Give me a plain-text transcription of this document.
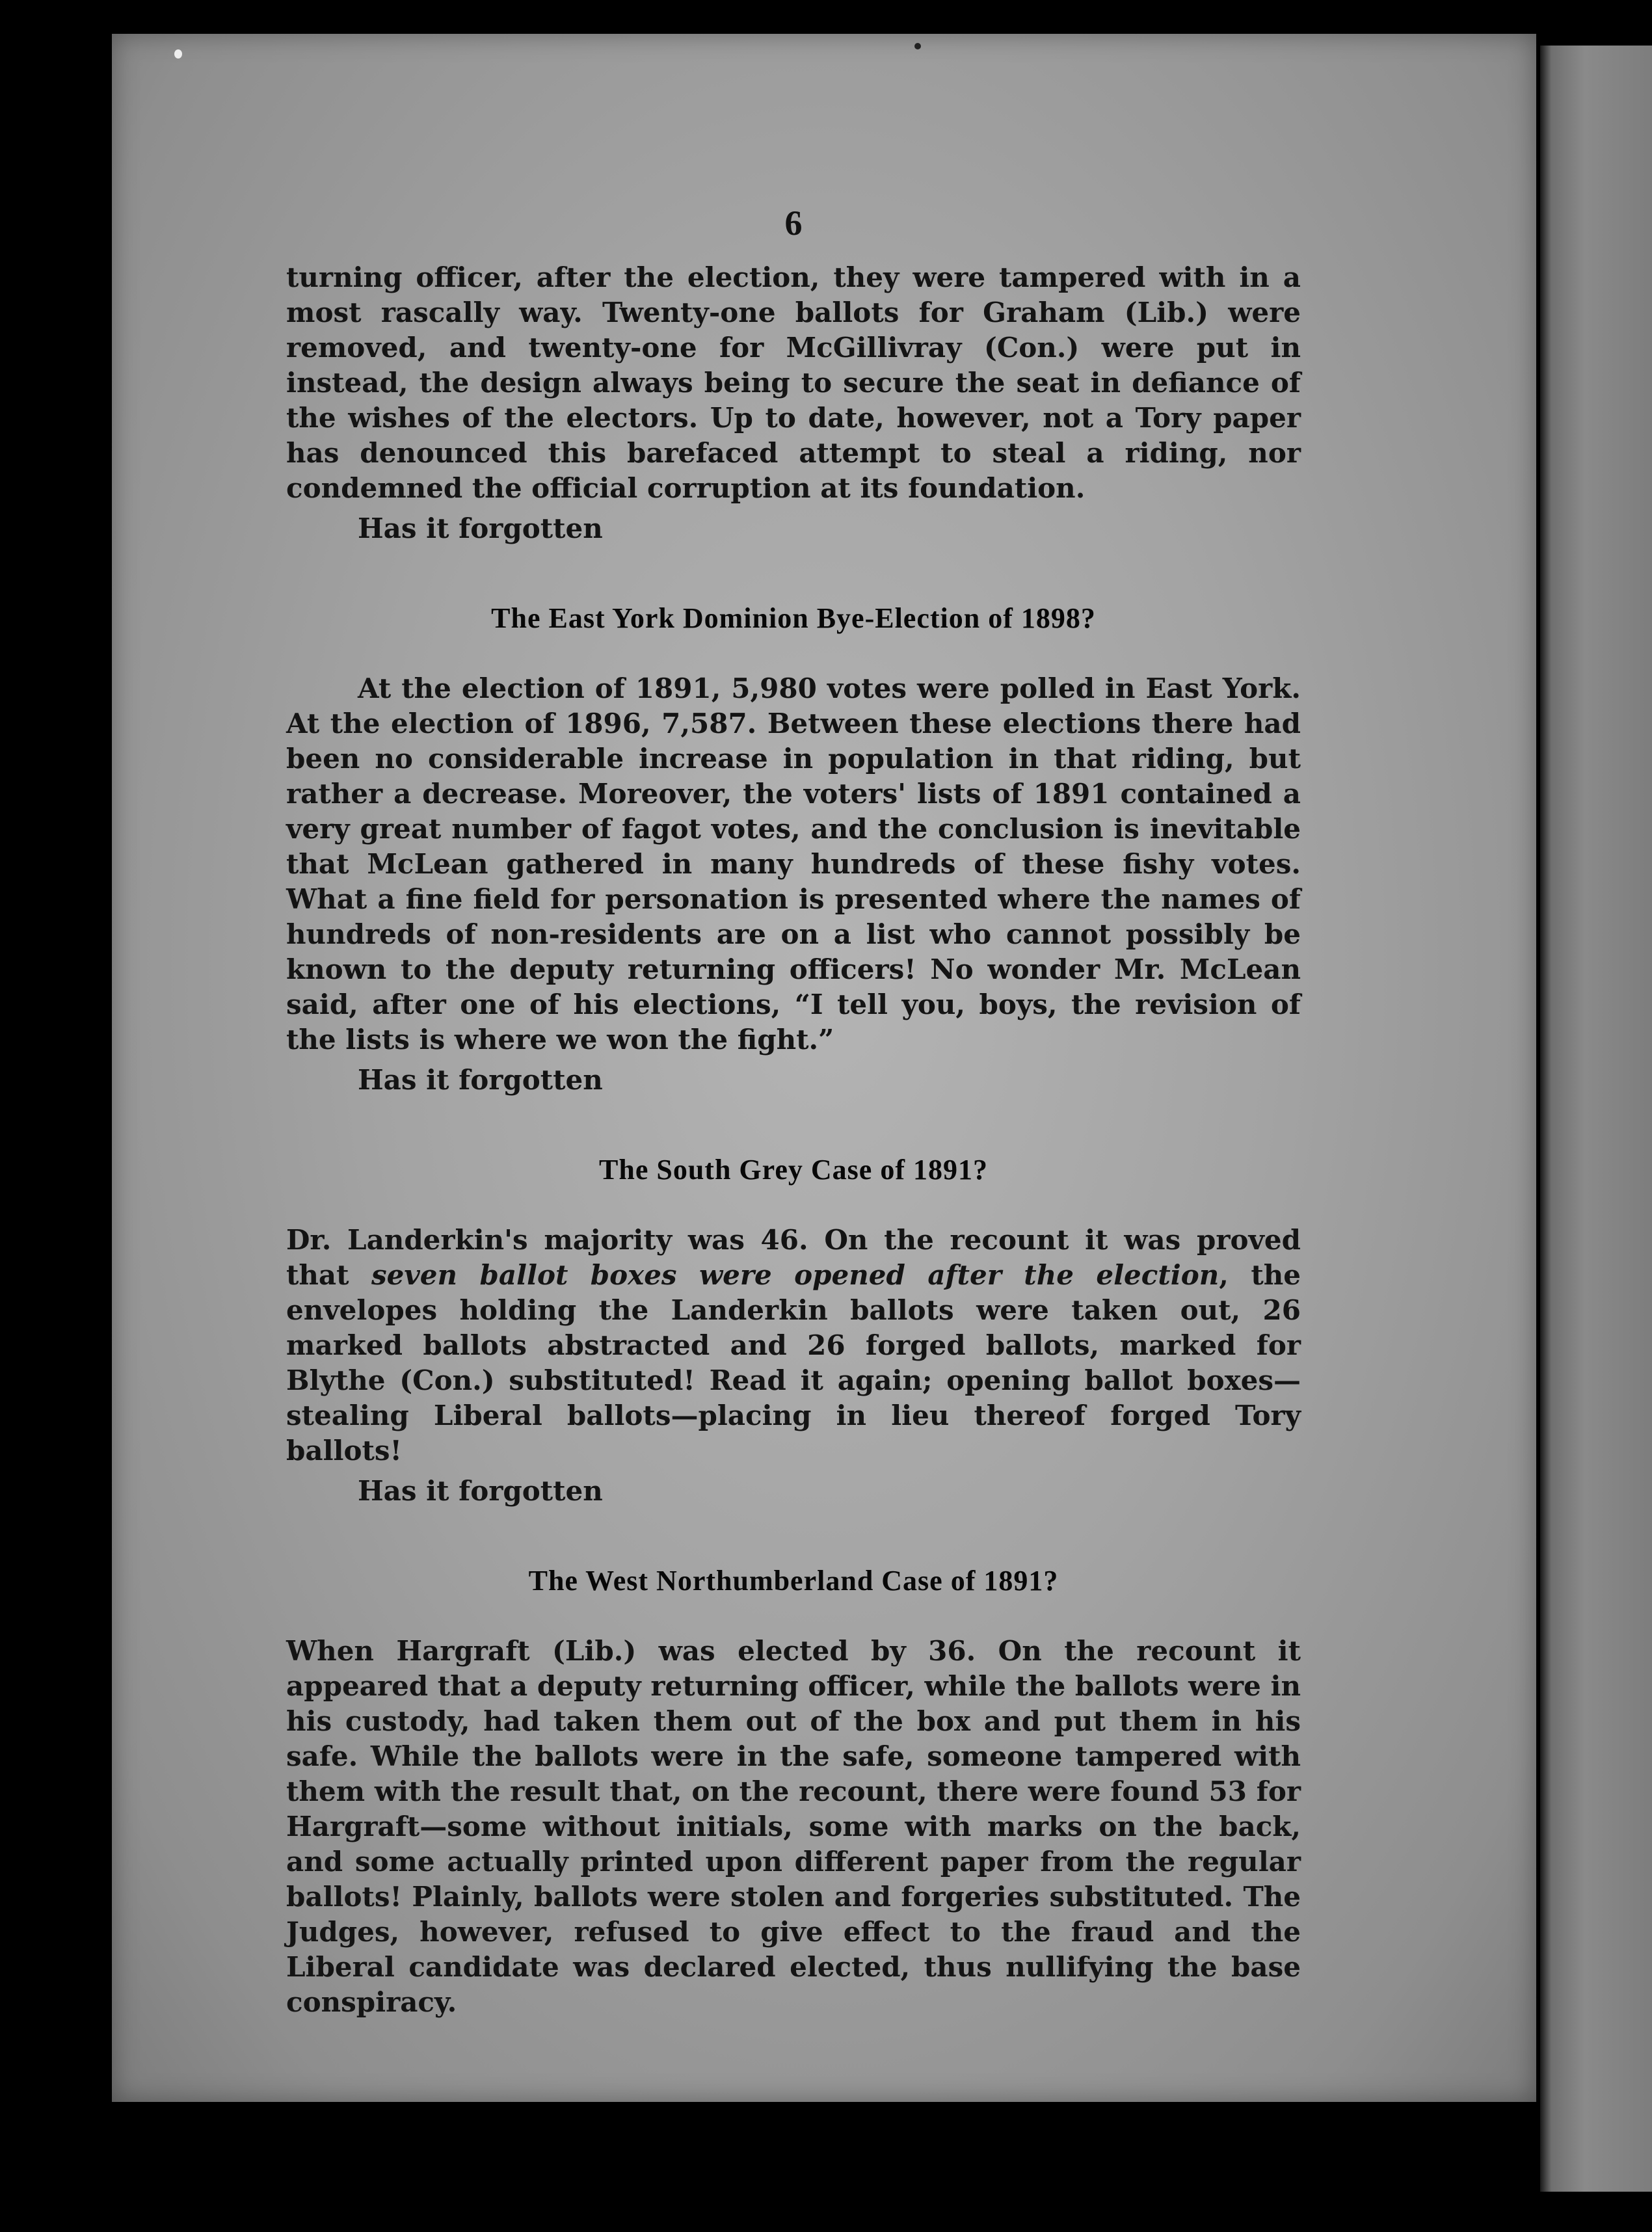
6

turning officer, after the election, they were tampered with in a most rascally way. Twenty-one ballots for Graham (Lib.) were removed, and twenty-one for McGillivray (Con.) were put in instead, the design always being to secure the seat in defiance of the wishes of the electors. Up to date, however, not a Tory paper has denounced this barefaced attempt to steal a riding, nor condemned the official corruption at its foundation.

Has it forgotten

The East York Dominion Bye-Election of 1898?

At the election of 1891, 5,980 votes were polled in East York. At the election of 1896, 7,587. Between these elections there had been no considerable increase in population in that riding, but rather a decrease. Moreover, the voters' lists of 1891 contained a very great number of fagot votes, and the conclusion is inevitable that McLean gathered in many hundreds of these fishy votes. What a fine field for personation is presented where the names of hundreds of non-residents are on a list who cannot possibly be known to the deputy returning officers! No wonder Mr. McLean said, after one of his elections, “I tell you, boys, the revision of the lists is where we won the fight.”

Has it forgotten

The South Grey Case of 1891?

Dr. Landerkin's majority was 46. On the recount it was proved that seven ballot boxes were opened after the election, the envelopes holding the Landerkin ballots were taken out, 26 marked ballots abstracted and 26 forged ballots, marked for Blythe (Con.) substituted! Read it again; opening ballot boxes—stealing Liberal ballots—placing in lieu thereof forged Tory ballots!

Has it forgotten

The West Northumberland Case of 1891?

When Hargraft (Lib.) was elected by 36. On the recount it appeared that a deputy returning officer, while the ballots were in his custody, had taken them out of the box and put them in his safe. While the ballots were in the safe, someone tampered with them with the result that, on the recount, there were found 53 for Hargraft—some without initials, some with marks on the back, and some actually printed upon different paper from the regular ballots! Plainly, ballots were stolen and forgeries substituted. The Judges, however, refused to give effect to the fraud and the Liberal candidate was declared elected, thus nullifying the base conspiracy.
